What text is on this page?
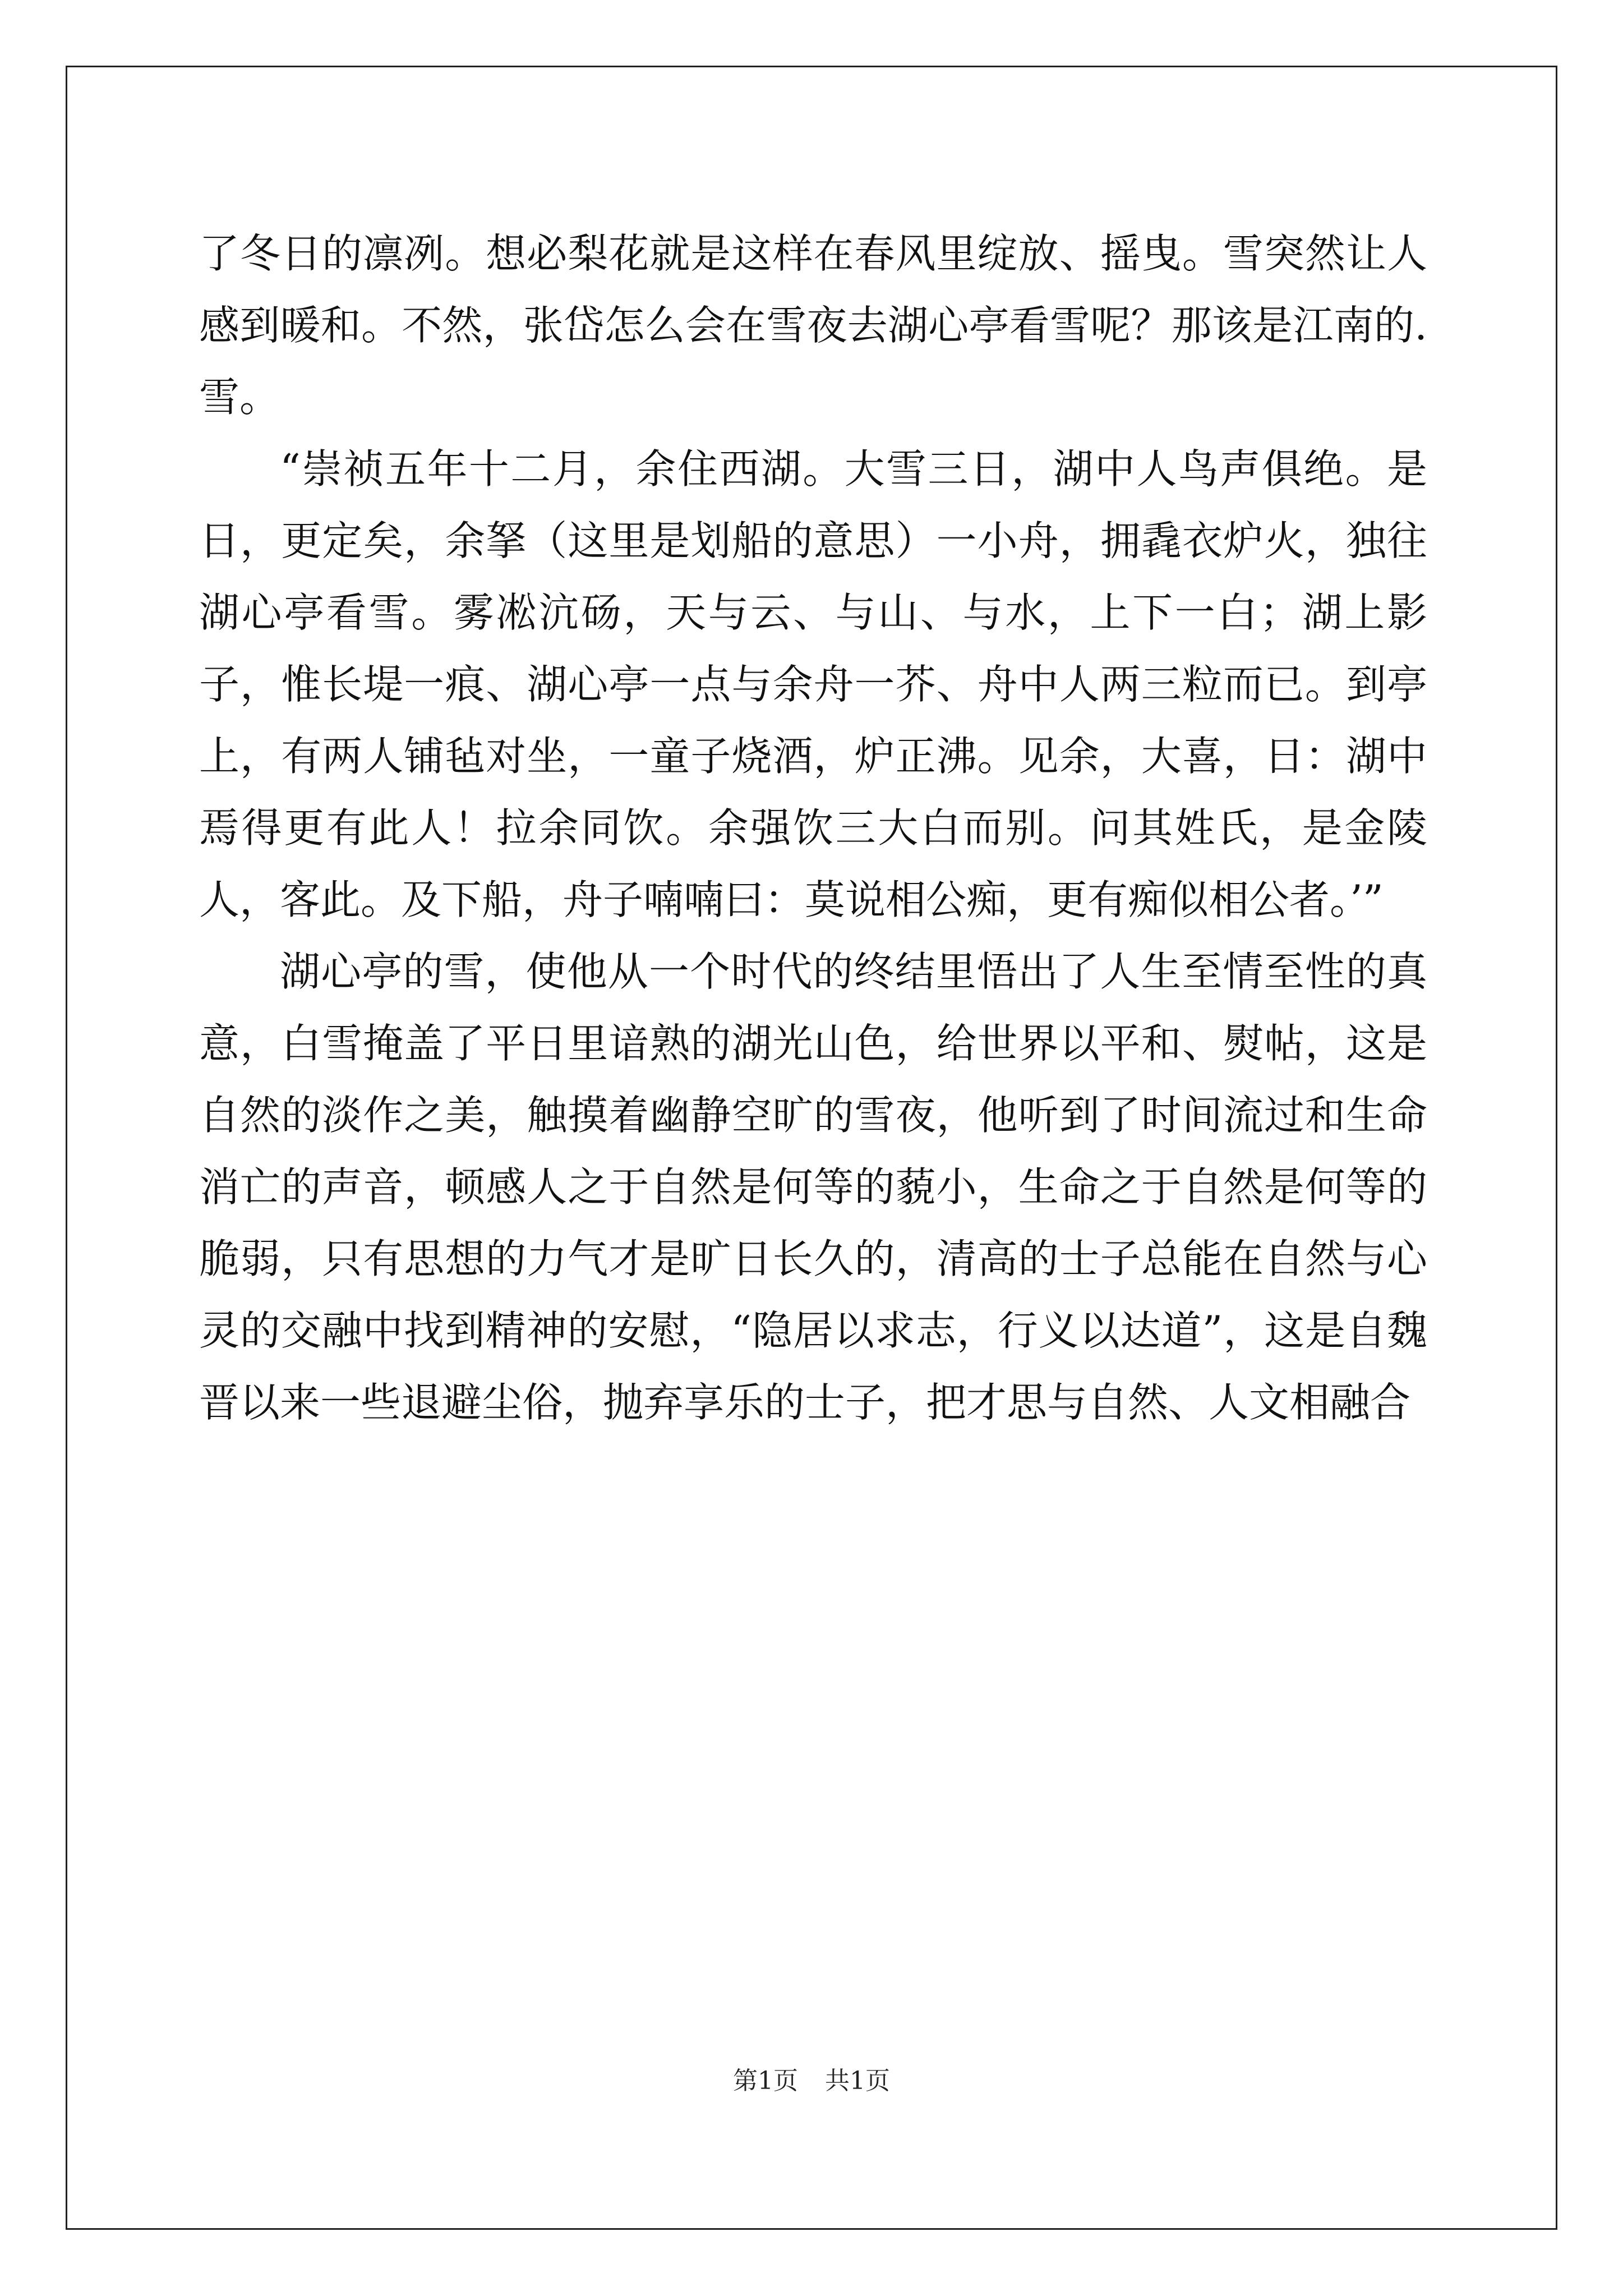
了冬日的凛冽。想必梨花就是这样在春风里绽放、摇曳。雪突然让人感到暖和。不然，张岱怎么会在雪夜去湖心亭看雪呢？那该是江南的.雪。

“崇祯五年十二月，余住西湖。大雪三日，湖中人鸟声俱绝。是日，更定矣，余拏（这里是划船的意思）一小舟，拥毳衣炉火，独往湖心亭看雪。雾凇沆砀，天与云、与山、与水，上下一白；湖上影子，惟长堤一痕、湖心亭一点与余舟一芥、舟中人两三粒而已。到亭上，有两人铺毡对坐，一童子烧酒，炉正沸。见余，大喜，日：湖中焉得更有此人！拉余同饮。余强饮三大白而别。问其姓氏，是金陵人，客此。及下船，舟子喃喃曰：莫说相公痴，更有痴似相公者。’”

湖心亭的雪，使他从一个时代的终结里悟出了人生至情至性的真意，白雪掩盖了平日里谙熟的湖光山色，给世界以平和、熨帖，这是自然的淡作之美，触摸着幽静空旷的雪夜，他听到了时间流过和生命消亡的声音，顿感人之于自然是何等的藐小，生命之于自然是何等的脆弱，只有思想的力气才是旷日长久的，清高的士子总能在自然与心灵的交融中找到精神的安慰，“隐居以求志，行义以达道”，这是自魏晋以来一些退避尘俗，抛弃享乐的士子，把才思与自然、人文相融合

第1页 共1页
